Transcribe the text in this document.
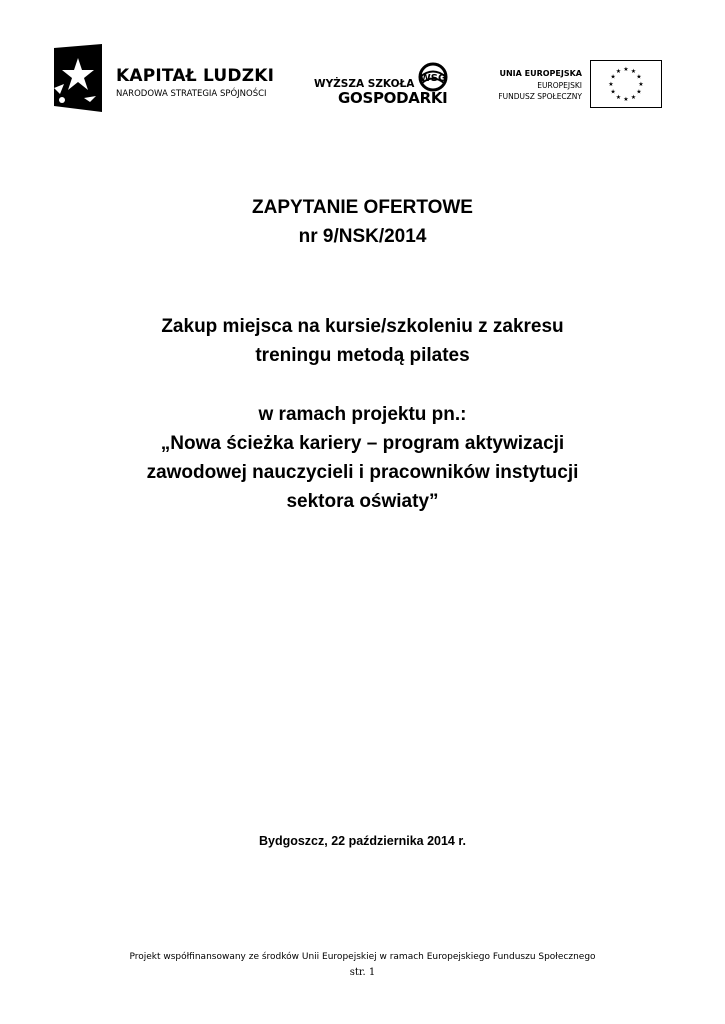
KAPITAŁ LUDZKI
NARODOWA STRATEGIA SPÓJNOŚCI
WYŻSZA SZKOŁA
GOSPODARKI
WSG	UNIA EUROPEJSKA
EUROPEJSKI
FUNDUSZ SPOŁECZNY
★ ★
★
★
★
★
★
★
★
★
★
★
ZAPYTANIE OFERTOWE
nr 9/NSK/2014
Zakup miejsca na kursie/szkoleniu z zakresu
treningu metodą pilates
w ramach projektu pn.:
„Nowa ścieżka kariery – program aktywizacji
zawodowej nauczycieli i pracowników instytucji
sektora oświaty”
Bydgoszcz, 22 października 2014 r.
Projekt współfinansowany ze środków Unii Europejskiej w ramach Europejskiego Funduszu Społecznego
str. 1
